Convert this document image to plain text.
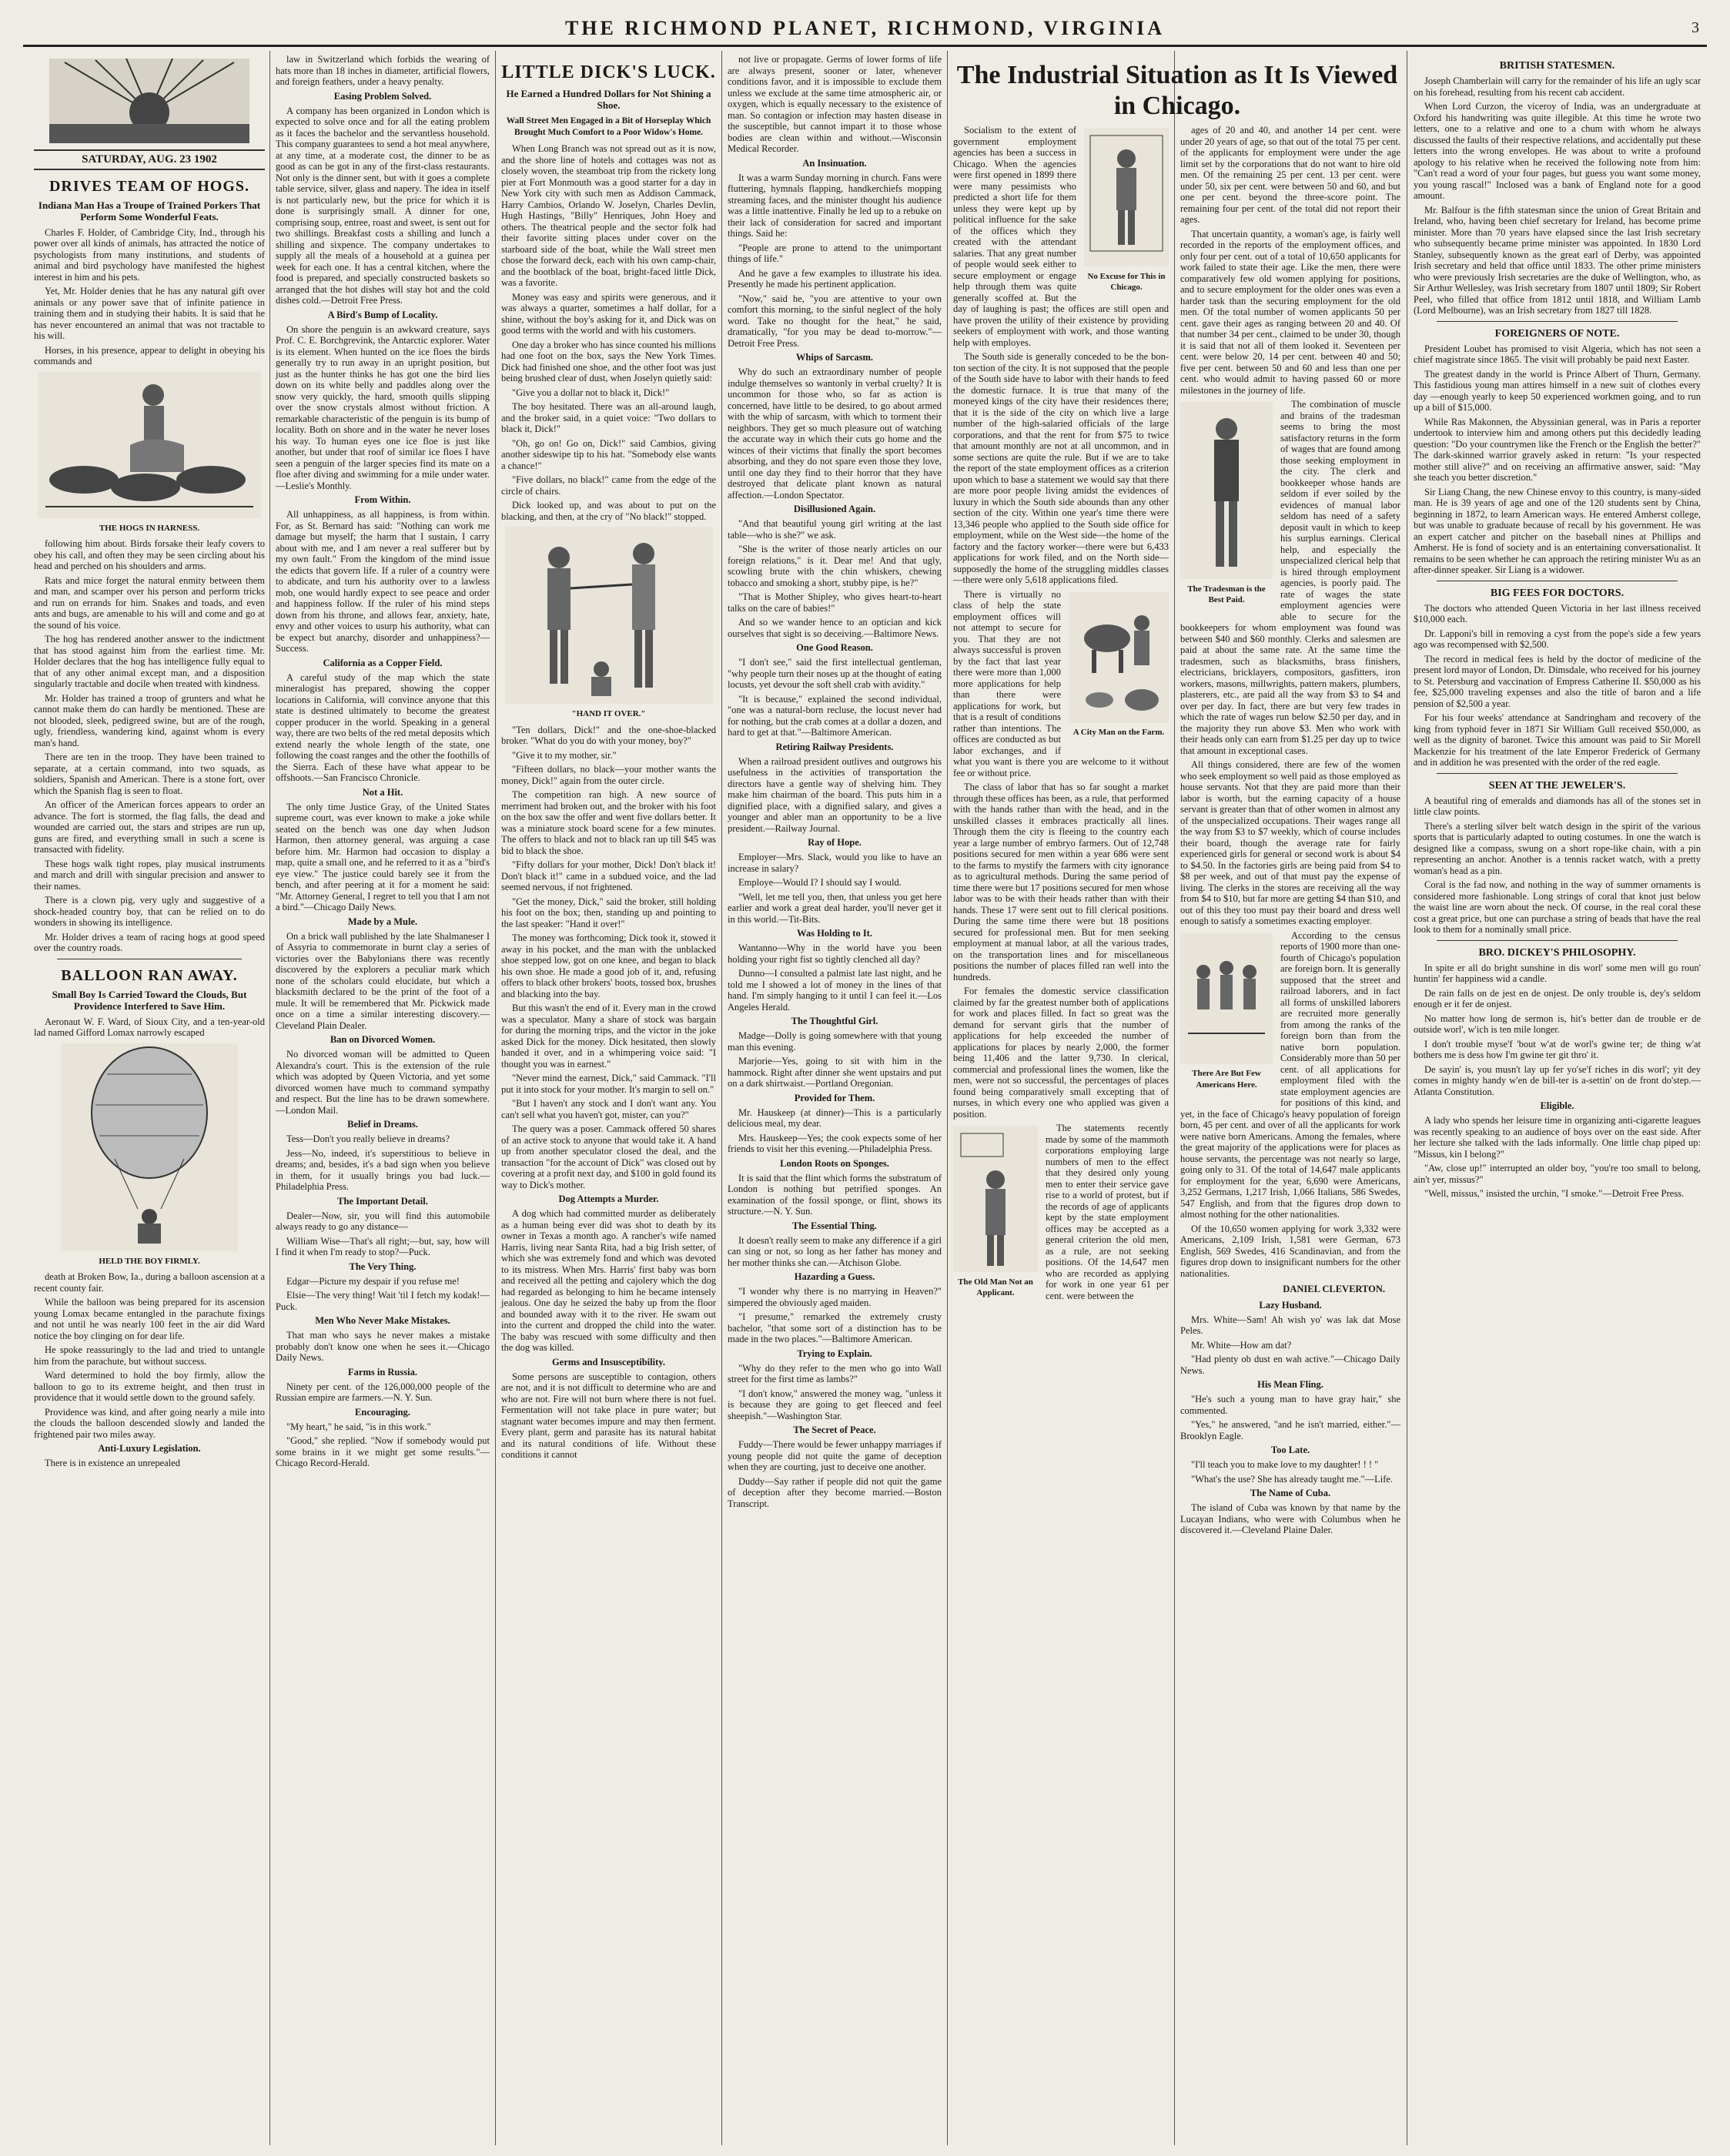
THE RICHMOND PLANET, RICHMOND, VIRGINIA	3
SATURDAY, AUG. 23 1902
DRIVES TEAM OF HOGS.
Indiana Man Has a Troupe of Trained Porkers That Perform Some Wonderful Feats.

Charles F. Holder, of Cambridge City, Ind., through his power over all kinds of animals, has attracted the notice of psychologists from many institutions, and students of animal and bird psychology have manifested the highest interest in him and his pets.

Yet, Mr. Holder denies that he has any natural gift over animals or any power save that of infinite patience in training them and in studying their habits. It is said that he has never encountered an animal that was not tractable to his will.

Horses, in his presence, appear to delight in obeying his commands and

THE HOGS IN HARNESS.

following him about. Birds forsake their leafy covers to obey his call, and often they may be seen circling about his head and perched on his shoulders and arms.

Rats and mice forget the natural enmity between them and man, and scamper over his person and perform tricks and run on errands for him. Snakes and toads, and even ants and bugs, are amenable to his will and come and go at the sound of his voice.

The hog has rendered another answer to the indictment that has stood against him from the earliest time. Mr. Holder declares that the hog has intelligence fully equal to that of any other animal except man, and a disposition singularly tractable and docile when treated with kindness.

Mr. Holder has trained a troop of grunters and what he cannot make them do can hardly be mentioned. These are not blooded, sleek, pedigreed swine, but are of the rough, ugly, friendless, wandering kind, against whom is every man's hand.

There are ten in the troop. They have been trained to separate, at a certain command, into two squads, as soldiers, Spanish and American. There is a stone fort, over which the Spanish flag is seen to float.

An officer of the American forces appears to order an advance. The fort is stormed, the flag falls, the dead and wounded are carried out, the stars and stripes are run up, guns are fired, and everything small in such a scene is transacted with fidelity.

These hogs walk tight ropes, play musical instruments and march and drill with singular precision and answer to their names.

There is a clown pig, very ugly and suggestive of a shock-headed country boy, that can be relied on to do wonders in showing its intelligence.

Mr. Holder drives a team of racing hogs at good speed over the country roads.

BALLOON RAN AWAY.
Small Boy Is Carried Toward the Clouds, But Providence Interfered to Save Him.

Aeronaut W. F. Ward, of Sioux City, and a ten-year-old lad named Gifford Lomax narrowly escaped

HELD THE BOY FIRMLY.

death at Broken Bow, Ia., during a balloon ascension at a recent county fair.

While the balloon was being prepared for its ascension young Lomax became entangled in the parachute fixings and not until he was nearly 100 feet in the air did Ward notice the boy clinging on for dear life.

He spoke reassuringly to the lad and tried to untangle him from the parachute, but without success.

Ward determined to hold the boy firmly, allow the balloon to go to its extreme height, and then trust in providence that it would settle down to the ground safely.

Providence was kind, and after going nearly a mile into the clouds the balloon descended slowly and landed the frightened pair two miles away.

Anti-Luxury Legislation.

There is in existence an unrepealed

law in Switzerland which forbids the wearing of hats more than 18 inches in diameter, artificial flowers, and foreign feathers, under a heavy penalty.

Easing Problem Solved.

A company has been organized in London which is expected to solve once and for all the eating problem as it faces the bachelor and the servantless household. This company guarantees to send a hot meal anywhere, at any time, at a moderate cost, the dinner to be as good as can be got in any of the first-class restaurants. Not only is the dinner sent, but with it goes a complete table service, silver, glass and napery. The idea in itself is not particularly new, but the price for which it is done is surprisingly small. A dinner for one, comprising soup, entree, roast and sweet, is sent out for two shillings. Breakfast costs a shilling and lunch a shilling and sixpence. The company undertakes to supply all the meals of a household at a guinea per week for each one. It has a central kitchen, where the food is prepared, and specially constructed baskets so arranged that the hot dishes will stay hot and the cold dishes cold.—Detroit Free Press.

A Bird's Bump of Locality.

On shore the penguin is an awkward creature, says Prof. C. E. Borchgrevink, the Antarctic explorer. Water is its element. When hunted on the ice floes the birds generally try to run away in an upright position, but just as the hunter thinks he has got one the bird lies down on its white belly and paddles along over the snow very quickly, the hard, smooth quills slipping over the snow crystals almost without friction. A remarkable characteristic of the penguin is its bump of locality. Both on shore and in the water he never loses his way. To human eyes one ice floe is just like another, but under that roof of similar ice floes I have seen a penguin of the larger species find its mate on a floe after diving and swimming for a mile under water.—Leslie's Monthly.

From Within.

All unhappiness, as all happiness, is from within. For, as St. Bernard has said: "Nothing can work me damage but myself; the harm that I sustain, I carry about with me, and I am never a real sufferer but by my own fault." From the kingdom of the mind issue the edicts that govern life. If a ruler of a country were to abdicate, and turn his authority over to a lawless mob, one would hardly expect to see peace and order and happiness follow. If the ruler of his mind steps down from his throne, and allows fear, anxiety, hate, envy and other voices to usurp his authority, what can be expect but anarchy, disorder and unhappiness?—Success.

California as a Copper Field.

A careful study of the map which the state mineralogist has prepared, showing the copper locations in California, will convince anyone that this state is destined ultimately to become the greatest copper producer in the world. Speaking in a general way, there are two belts of the red metal deposits which extend nearly the whole length of the state, one following the coast ranges and the other the foothills of the Sierra. Each of these have what appear to be offshoots.—San Francisco Chronicle.

Not a Hit.

The only time Justice Gray, of the United States supreme court, was ever known to make a joke while seated on the bench was one day when Judson Harmon, then attorney general, was arguing a case before him. Mr. Harmon had occasion to display a map, quite a small one, and he referred to it as a "bird's eye view." The justice could barely see it from the bench, and after peering at it for a moment he said: "Mr. Attorney General, I regret to tell you that I am not a bird."—Chicago Daily News.

Made by a Mule.

On a brick wall published by the late Shalmaneser I of Assyria to commemorate in burnt clay a series of victories over the Babylonians there was recently discovered by the explorers a peculiar mark which none of the scholars could elucidate, but which a blacksmith declared to be the print of the foot of a mule. It will be remembered that Mr. Pickwick made once on a time a similar interesting discovery.—Cleveland Plain Dealer.

Ban on Divorced Women.

No divorced woman will be admitted to Queen Alexandra's court. This is the extension of the rule which was adopted by Queen Victoria, and yet some divorced women have much to command sympathy and respect. But the line has to be drawn somewhere.—London Mail.

Belief in Dreams.

Tess—Don't you really believe in dreams?

Jess—No, indeed, it's superstitious to believe in dreams; and, besides, it's a bad sign when you believe in them, for it usually brings you bad luck.—Philadelphia Press.

The Important Detail.

Dealer—Now, sir, you will find this automobile always ready to go any distance—

William Wise—That's all right;—but, say, how will I find it when I'm ready to stop?—Puck.

The Very Thing.

Edgar—Picture my despair if you refuse me!

Elsie—The very thing! Wait 'til I fetch my kodak!—Puck.

Men Who Never Make Mistakes.

That man who says he never makes a mistake probably don't know one when he sees it.—Chicago Daily News.

Farms in Russia.

Ninety per cent. of the 126,000,000 people of the Russian empire are farmers.—N. Y. Sun.

Encouraging.

"My heart," he said, "is in this work."

"Good," she replied. "Now if somebody would put some brains in it we might get some results."—Chicago Record-Herald.

LITTLE DICK'S LUCK.
He Earned a Hundred Dollars for Not Shining a Shoe.
Wall Street Men Engaged in a Bit of Horseplay Which Brought Much Comfort to a Poor Widow's Home.

When Long Branch was not spread out as it is now, and the shore line of hotels and cottages was not as closely woven, the steamboat trip from the rickety long pier at Fort Monmouth was a good starter for a day in New York city with such men as Addison Cammack, Harry Cambios, Orlando W. Joselyn, Charles Devlin, Hugh Hastings, "Billy" Henriques, John Hoey and others. The theatrical people and the sector folk had their favorite sitting places under cover on the starboard side of the boat, while the Wall street men chose the forward deck, each with his own camp-chair, and the bootblack of the boat, bright-faced little Dick, was a favorite.

Money was easy and spirits were generous, and it was always a quarter, sometimes a half dollar, for a shine, without the boy's asking for it, and Dick was on good terms with the world and with his customers.

One day a broker who has since counted his millions had one foot on the box, says the New York Times. Dick had finished one shoe, and the other foot was just being brushed clear of dust, when Joselyn quietly said:

"Give you a dollar not to black it, Dick!"

The boy hesitated. There was an all-around laugh, and the broker said, in a quiet voice: "Two dollars to black it, Dick!"

"Oh, go on! Go on, Dick!" said Cambios, giving another sideswipe tip to his hat. "Somebody else wants a chance!"

"Five dollars, no black!" came from the edge of the circle of chairs.

Dick looked up, and was about to put on the blacking, and then, at the cry of "No black!" stopped.

"HAND IT OVER."

"Ten dollars, Dick!" and the one-shoe-blacked broker. "What do you do with your money, boy?"

"Give it to my mother, sir."

"Fifteen dollars, no black—your mother wants the money, Dick!" again from the outer circle.

The competition ran high. A new source of merriment had broken out, and the broker with his foot on the box saw the offer and went five dollars better. It was a miniature stock board scene for a few minutes. The offers to black and not to black ran up till $45 was bid to black the shoe.

"Fifty dollars for your mother, Dick! Don't black it! Don't black it!" came in a subdued voice, and the lad seemed nervous, if not frightened.

"Get the money, Dick," said the broker, still holding his foot on the box; then, standing up and pointing to the last speaker: "Hand it over!"

The money was forthcoming; Dick took it, stowed it away in his pocket, and the man with the unblacked shoe stepped low, got on one knee, and began to black his own shoe. He made a good job of it, and, refusing offers to black other brokers' boots, tossed box, brushes and blacking into the bay.

But this wasn't the end of it. Every man in the crowd was a speculator. Many a share of stock was bargain for during the morning trips, and the victor in the joke asked Dick for the money. Dick hesitated, then slowly handed it over, and in a whimpering voice said: "I thought you was in earnest."

"Never mind the earnest, Dick," said Cammack. "I'll put it into stock for your mother. It's margin to sell on."

"But I haven't any stock and I don't want any. You can't sell what you haven't got, mister, can you?"

The query was a poser. Cammack offered 50 shares of an active stock to anyone that would take it. A hand up from another speculator closed the deal, and the transaction "for the account of Dick" was closed out by covering at a profit next day, and $100 in gold found its way to Dick's mother.

Dog Attempts a Murder.

A dog which had committed murder as deliberately as a human being ever did was shot to death by its owner in Texas a month ago. A rancher's wife named Harris, living near Santa Rita, had a big Irish setter, of which she was extremely fond and which was devoted to its mistress. When Mrs. Harris' first baby was born and received all the petting and cajolery which the dog had regarded as belonging to him he became intensely jealous. One day he seized the baby up from the floor and bounded away with it to the river. He swam out into the current and dropped the child into the water. The baby was rescued with some difficulty and then the dog was killed.

Germs and Insusceptibility.

Some persons are susceptible to contagion, others are not, and it is not difficult to determine who are and who are not. Fire will not burn where there is not fuel. Fermentation will not take place in pure water; but stagnant water becomes impure and may then ferment. Every plant, germ and parasite has its natural habitat and its natural conditions of life. Without these conditions it cannot

not live or propagate. Germs of lower forms of life are always present, sooner or later, whenever conditions favor, and it is impossible to exclude them unless we exclude at the same time atmospheric air, or oxygen, which is equally necessary to the existence of man. So contagion or infection may hasten disease in the susceptible, but cannot impart it to those whose bodies are clean within and without.—Wisconsin Medical Recorder.

An Insinuation.

It was a warm Sunday morning in church. Fans were fluttering, hymnals flapping, handkerchiefs mopping streaming faces, and the minister thought his audience was a little inattentive. Finally he led up to a rebuke on their lack of consideration for sacred and important things. Said he:

"People are prone to attend to the unimportant things of life."

And he gave a few examples to illustrate his idea. Presently he made his pertinent application.

"Now," said he, "you are attentive to your own comfort this morning, to the sinful neglect of the holy word. Take no thought for the heat," he said, dramatically, "for you may be dead to-morrow."—Detroit Free Press.

Whips of Sarcasm.

Why do such an extraordinary number of people indulge themselves so wantonly in verbal cruelty? It is uncommon for those who, so far as action is concerned, have little to be desired, to go about armed with the whip of sarcasm, with which to torment their neighbors. They get so much pleasure out of watching the accurate way in which their cuts go home and the winces of their victims that finally the sport becomes absorbing, and they do not spare even those they love, until one day they find to their horror that they have destroyed that delicate plant known as natural affection.—London Spectator.

Disillusioned Again.

"And that beautiful young girl writing at the last table—who is she?" we ask.

"She is the writer of those nearly articles on our foreign relations," is it. Dear me! And that ugly, scowling brute with the chin whiskers, chewing tobacco and smoking a short, stubby pipe, is he?"

"That is Mother Shipley, who gives heart-to-heart talks on the care of babies!"

And so we wander hence to an optician and kick ourselves that sight is so deceiving.—Baltimore News.

One Good Reason.

"I don't see," said the first intellectual gentleman, "why people turn their noses up at the thought of eating locusts, yet devour the soft shell crab with avidity."

"It is because," explained the second individual, "one was a natural-born recluse, the locust never had for nothing, but the crab comes at a dollar a dozen, and hard to get at that."—Baltimore American.

Retiring Railway Presidents.

When a railroad president outlives and outgrows his usefulness in the activities of transportation the directors have a gentle way of shelving him. They make him chairman of the board. This puts him in a dignified place, with a dignified salary, and gives a younger and abler man an opportunity to be a live president.—Railway Journal.

Ray of Hope.

Employer—Mrs. Slack, would you like to have an increase in salary?

Employe—Would I? I should say I would.

"Well, let me tell you, then, that unless you get here earlier and work a great deal harder, you'll never get it in this world.—Tit-Bits.

Was Holding to It.

Wantanno—Why in the world have you been holding your right fist so tightly clenched all day?

Dunno—I consulted a palmist late last night, and he told me I showed a lot of money in the lines of that hand. I'm simply hanging to it until I can feel it.—Los Angeles Herald.

The Thoughtful Girl.

Madge—Dolly is going somewhere with that young man this evening.

Marjorie—Yes, going to sit with him in the hammock. Right after dinner she went upstairs and put on a dark shirtwaist.—Portland Oregonian.

Provided for Them.

Mr. Hauskeep (at dinner)—This is a particularly delicious meal, my dear.

Mrs. Hauskeep—Yes; the cook expects some of her friends to visit her this evening.—Philadelphia Press.

London Roots on Sponges.

It is said that the flint which forms the substratum of London is nothing but petrified sponges. An examination of the fossil sponge, or flint, shows its structure.—N. Y. Sun.

The Essential Thing.

It doesn't really seem to make any difference if a girl can sing or not, so long as her father has money and her mother thinks she can.—Atchison Globe.

Hazarding a Guess.

"I wonder why there is no marrying in Heaven?" simpered the obviously aged maiden.

"I presume," remarked the extremely crusty bachelor, "that some sort of a distinction has to be made in the two places."—Baltimore American.

Trying to Explain.

"Why do they refer to the men who go into Wall street for the first time as lambs?"

"I don't know," answered the money wag, "unless it is because they are going to get fleeced and feel sheepish."—Washington Star.

The Secret of Peace.

Fuddy—There would be fewer unhappy marriages if young people did not quite the game of deception when they are courting, just to deceive one another.

Duddy—Say rather if people did not quit the game of deception after they become married.—Boston Transcript.

The Industrial Situation as It Is Viewed in Chicago.
No Excuse for This in Chicago.

Socialism to the extent of government employment agencies has been a success in Chicago. When the agencies were first opened in 1899 there were many pessimists who predicted a short life for them unless they were kept up by political influence for the sake of the offices which they created with the attendant salaries. That any great number of people would seek either to secure employment or engage help through them was quite generally scoffed at. But the day of laughing is past; the offices are still open and have proven the utility of their existence by providing seekers of employment with work, and those wanting help with employes.

The South side is generally conceded to be the bon-ton section of the city. It is not supposed that the people of the South side have to labor with their hands to feed the domestic furnace. It is true that many of the moneyed kings of the city have their residences there; that it is the side of the city on which live a large number of the high-salaried officials of the large corporations, and that the rent for from $75 to twice that amount monthly are not at all uncommon, and in some sections are quite the rule. But if we are to take the report of the state employment offices as a criterion upon which to base a statement we would say that there are more poor people living amidst the evidences of luxury in which the South side abounds than any other section of the city. Within one year's time there were 13,346 people who applied to the South side office for employment, while on the West side—the home of the factory and the factory worker—there were but 6,433 applications for work filed, and on the North side—supposedly the home of the struggling middles classes—there were only 5,618 applications filed.

A City Man on the Farm.

There is virtually no class of help the state employment offices will not attempt to secure for you. That they are not always successful is proven by the fact that last year there were more than 1,000 more applications for help than there were applications for work, but that is a result of conditions rather than intentions. The offices are conducted as but labor exchanges, and if what you want is there you are welcome to it without fee or without price.

The class of labor that has so far sought a market through these offices has been, as a rule, that performed with the hands rather than with the head, and in the unskilled classes it embraces practically all lines. Through them the city is fleeing to the country each year a large number of embryo farmers. Out of 12,748 positions secured for men within a year 686 were sent to the farms to mystify the farmers with city ignorance as to agricultural methods. During the same period of time there were but 17 positions secured for men whose labor was to be with their heads rather than with their hands. These 17 were sent out to fill clerical positions. During the same time there were but 18 positions secured for professional men. But for men seeking employment at manual labor, at all the various trades, on the transportation lines and for miscellaneous positions the number of places filled ran well into the hundreds.

For females the domestic service classification claimed by far the greatest number both of applications for work and places filled. In fact so great was the demand for servant girls that the number of applications for help exceeded the number of applications for places by nearly 2,000, the former being 11,406 and the latter 9,730. In clerical, commercial and professional lines the women, like the men, were not so successful, the percentages of places found being comparatively small excepting that of nurses, in which every one who applied was given a position.

The Old Man Not an Applicant.

The statements recently made by some of the mammoth corporations employing large numbers of men to the effect that they desired only young men to enter their service gave rise to a world of protest, but if the records of age of applicants kept by the state employment offices may be accepted as a general criterion the old men, as a rule, are not seeking positions. Of the 14,647 men who are recorded as applying for work in one year 61 per cent. were between the

ages of 20 and 40, and another 14 per cent. were under 20 years of age, so that out of the total 75 per cent. of the applicants for employment were under the age limit set by the corporations that do not want to hire old men. Of the remaining 25 per cent. 13 per cent. were under 50, six per cent. were between 50 and 60, and but one per cent. beyond the three-score point. The remaining four per cent. of the total did not report their ages.

That uncertain quantity, a woman's age, is fairly well recorded in the reports of the employment offices, and only four per cent. out of a total of 10,650 applicants for work failed to state their age. Like the men, there were comparatively few old women applying for positions, and to secure employment for the older ones was even a harder task than the securing employment for the old men. Of the total number of women applicants 50 per cent. gave their ages as ranging between 20 and 40. Of that number 34 per cent., claimed to be under 30, though it is said that not all of them looked it. Seventeen per cent. were below 20, 14 per cent. between 40 and 50; five per cent. between 50 and 60 and less than one per cent. who would admit to having passed 60 or more milestones in the journey of life.

The Tradesman is the Best Paid.

The combination of muscle and brains of the tradesman seems to bring the most satisfactory returns in the form of wages that are found among those seeking employment in the city. The clerk and bookkeeper whose hands are seldom if ever soiled by the evidences of manual labor seldom has need of a safety deposit vault in which to keep his surplus earnings. Clerical help, and especially the unspecialized clerical help that is hired through employment agencies, is poorly paid. The rate of wages the state employment agencies were able to secure for the bookkeepers for whom employment was found was between $40 and $60 monthly. Clerks and salesmen are paid at about the same rate. At the same time the tradesmen, such as blacksmiths, brass finishers, electricians, bricklayers, compositors, gasfitters, iron workers, masons, millwrights, pattern makers, plumbers, plasterers, etc., are paid all the way from $3 to $4 and over per day. In fact, there are but very few trades in which the rate of wages run below $2.50 per day, and in the majority they run above $3. Men who work with their heads only can earn from $1.25 per day up to twice that amount in exceptional cases.

All things considered, there are few of the women who seek employment so well paid as those employed as house servants. Not that they are paid more than their labor is worth, but the earning capacity of a house servant is greater than that of other women in almost any of the unspecialized occupations. Their wages range all the way from $3 to $7 weekly, which of course includes their board, though the average rate for fairly experienced girls for general or second work is about $4 to $4.50. In the factories girls are being paid from $4 to $8 per week, and out of that must pay the expense of living. The clerks in the stores are receiving all the way from $4 to $10, but far more are getting $4 than $10, and out of this they too must pay their board and dress well enough to satisfy a sometimes exacting employer.

There Are But Few Americans Here.

According to the census reports of 1900 more than one-fourth of Chicago's population are foreign born. It is generally supposed that the street and railroad laborers, and in fact all forms of unskilled laborers are recruited more generally from among the ranks of the foreign born than from the native born population. Considerably more than 50 per cent. of all applications for employment filed with the state employment agencies are for positions of this kind, and yet, in the face of Chicago's heavy population of foreign born, 45 per cent. and over of all the applicants for work were native born Americans. Among the females, where the great majority of the applications were for places as house servants, the percentage was not nearly so large, going only to 31. Of the total of 14,647 male applicants for employment for the year, 6,690 were Americans, 3,252 Germans, 1,217 Irish, 1,066 Italians, 586 Swedes, 547 English, and from that the figures drop down to almost nothing for the other nationalities.

Of the 10,650 women applying for work 3,332 were Americans, 2,109 Irish, 1,581 were German, 673 English, 569 Swedes, 416 Scandinavian, and from the figures drop down to insignificant numbers for the other nationalities.

DANIEL CLEVERTON.
Lazy Husband.

Mrs. White—Sam! Ah wish yo' was lak dat Mose Peles.

Mr. White—How am dat?

"Had plenty ob dust en wah active."—Chicago Daily News.

His Mean Fling.

"He's such a young man to have gray hair," she commented.

"Yes," he answered, "and he isn't married, either."—Brooklyn Eagle.

Too Late.

"I'll teach you to make love to my daughter! ! ! "

"What's the use? She has already taught me."—Life.

The Name of Cuba.

The island of Cuba was known by that name by the Lucayan Indians, who were with Columbus when he discovered it.—Cleveland Plaine Daler.

BRITISH STATESMEN.

Joseph Chamberlain will carry for the remainder of his life an ugly scar on his forehead, resulting from his recent cab accident.

When Lord Curzon, the viceroy of India, was an undergraduate at Oxford his handwriting was quite illegible. At this time he wrote two letters, one to a relative and one to a chum with whom he always discussed the faults of their respective relations, and accidentally put these letters into the wrong envelopes. He was about to write a profound apology to his relative when he received the following note from him: "Can't read a word of your four pages, but guess you want some money, you young rascal!" Inclosed was a bank of England note for a good amount.

Mr. Balfour is the fifth statesman since the union of Great Britain and Ireland, who, having been chief secretary for Ireland, has become prime minister. More than 70 years have elapsed since the last Irish secretary who subsequently became prime minister was appointed. In 1830 Lord Stanley, subsequently known as the great earl of Derby, was appointed Irish secretary and held that office until 1833. The other prime ministers who were previously Irish secretaries are the duke of Wellington, who, as Sir Arthur Wellesley, was Irish secretary from 1807 until 1809; Sir Robert Peel, who filled that office from 1812 until 1818, and William Lamb (Lord Melbourne), was an Irish secretary from 1827 till 1828.

FOREIGNERS OF NOTE.

President Loubet has promised to visit Algeria, which has not seen a chief magistrate since 1865. The visit will probably be paid next Easter.

The greatest dandy in the world is Prince Albert of Thurn, Germany. This fastidious young man attires himself in a new suit of clothes every day —enough yearly to keep 50 experienced workmen going, and to run up a bill of $15,000.

While Ras Makonnen, the Abyssinian general, was in Paris a reporter undertook to interview him and among others put this decidedly leading question: "Do your countrymen like the French or the English the better?" The dark-skinned warrior gravely asked in return: "Is your respected mother still alive?" and on receiving an affirmative answer, said: "May she teach you better discretion."

Sir Liang Chang, the new Chinese envoy to this country, is many-sided man. He is 39 years of age and one of the 120 students sent by China, beginning in 1872, to learn American ways. He entered Amherst college, but was unable to graduate because of recall by his government. He was an expert catcher and pitcher on the baseball nines at Phillips and Amherst. He is fond of society and is an entertaining conversationalist. It remains to be seen whether he can approach the retiring minister Wu as an after-dinner speaker. Sir Liang is a widower.

BIG FEES FOR DOCTORS.

The doctors who attended Queen Victoria in her last illness received $10,000 each.

Dr. Lapponi's bill in removing a cyst from the pope's side a few years ago was recompensed with $2,500.

The record in medical fees is held by the doctor of medicine of the present lord mayor of London, Dr. Dimsdale, who received for his journey to St. Petersburg and vaccination of Empress Catherine II. $50,000 as his fee, $25,000 traveling expenses and also the title of baron and a life pension of $2,500 a year.

For his four weeks' attendance at Sandringham and recovery of the king from typhoid fever in 1871 Sir William Gull received $50,000, as well as the dignity of baronet. Twice this amount was paid to Sir Morell Mackenzie for his treatment of the late Emperor Frederick of Germany and in addition he was presented with the order of the red eagle.

SEEN AT THE JEWELER'S.

A beautiful ring of emeralds and diamonds has all of the stones set in little claw points.

There's a sterling silver belt watch design in the spirit of the various sports that is particularly adapted to outing costumes. In one the watch is designed like a compass, swung on a short rope-like chain, with a pin representing an anchor. Another is a tennis racket watch, with a pretty woman's head as a pin.

Coral is the fad now, and nothing in the way of summer ornaments is considered more fashionable. Long strings of coral that knot just below the waist line are worn about the neck. Of course, in the real coral these cost a great price, but one can purchase a string of beads that have the real look to them for a nominally small price.

BRO. DICKEY'S PHILOSOPHY.

In spite er all do bright sunshine in dis worl' some men will go roun' huntin' fer happiness wid a candle.

De rain falls on de jest en de onjest. De only trouble is, dey's seldom enough er it fer de onjest.

No matter how long de sermon is, hit's better dan de trouble er de outside worl', w'ich is ten mile longer.

I don't trouble myse'f 'bout w'at de worl's gwine ter; de thing w'at bothers me is dess how I'm gwine ter git thro' it.

De sayin' is, you musn't lay up fer yo'se'f riches in dis worl'; yit dey comes in mighty handy w'en de bill-ter is a-settin' on de front do'step.—Atlanta Constitution.

Eligible.

A lady who spends her leisure time in organizing anti-cigarette leagues was recently speaking to an audience of boys over on the east side. After her lecture she talked with the lads informally. One little chap piped up: "Missus, kin I belong?"

"Aw, close up!" interrupted an older boy, "you're too small to belong, ain't yer, missus?"

"Well, missus," insisted the urchin, "I smoke."—Detroit Free Press.
